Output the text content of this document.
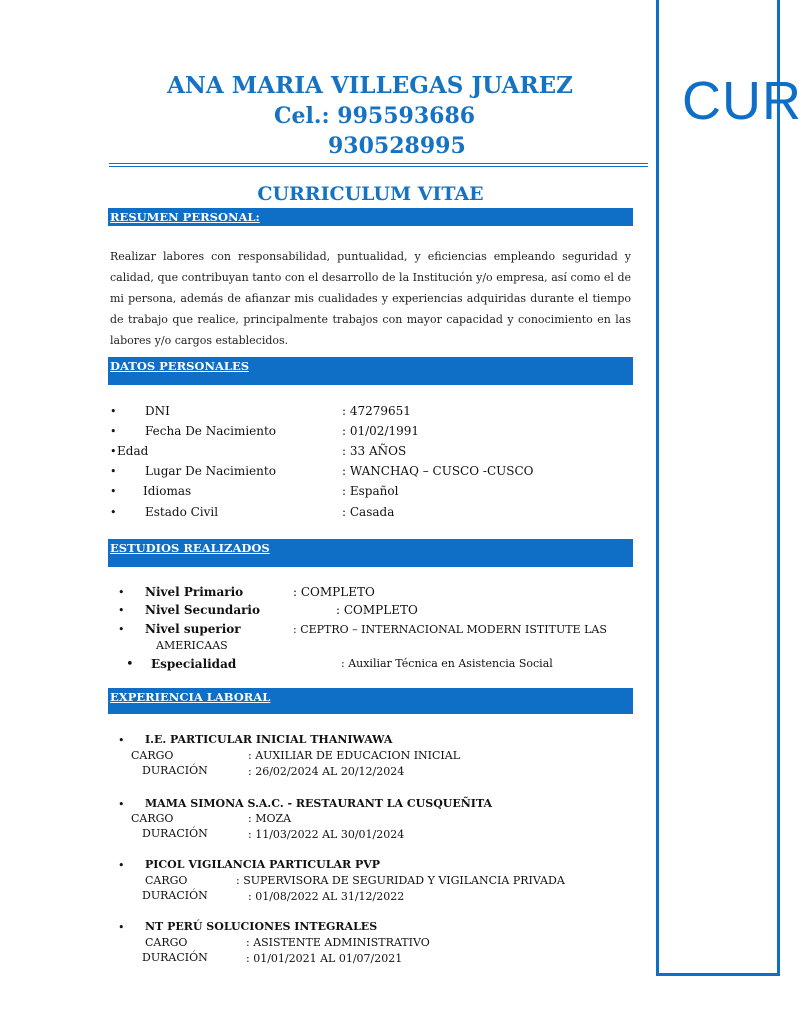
CUR
ANA MARIA VILLEGAS JUAREZ
Cel.: 995593686
930528995
CURRICULUM VITAE
RESUMEN PERSONAL:
Realizar labores con responsabilidad, puntualidad, y eficiencias empleando seguridad y calidad, que contribuyan tanto con el desarrollo de la Institución y/o empresa, así como el de mi persona, además de afianzar mis cualidades y experiencias adquiridas durante el tiempo de trabajo que realice, principalmente trabajos con mayor capacidad y conocimiento en las labores y/o cargos establecidos.
DATOS PERSONALES
• DNI	: 47279651
• Fecha De Nacimiento	: 01/02/1991
• Edad	: 33 AÑOS
• Lugar De Nacimiento	: WANCHAQ – CUSCO -CUSCO
• Idiomas	: Español
• Estado Civil	: Casada
ESTUDIOS REALIZADOS
• Nivel Primario	: COMPLETO
• Nivel Secundario	: COMPLETO
• Nivel superior	: CEPTRO – INTERNACIONAL MODERN ISTITUTE LAS
AMERICAAS
• Especialidad	: Auxiliar Técnica en Asistencia Social
EXPERIENCIA LABORAL
• I.E. PARTICULAR INICIAL THANIWAWA
CARGO	: AUXILIAR DE EDUCACION INICIAL
DURACIÓN	: 26/02/2024 AL 20/12/2024
• MAMA SIMONA S.A.C. - RESTAURANT LA CUSQUEÑITA
CARGO	: MOZA
DURACIÓN	: 11/03/2022 AL 30/01/2024
• PICOL VIGILANCIA PARTICULAR PVP
CARGO	: SUPERVISORA DE SEGURIDAD Y VIGILANCIA PRIVADA
DURACIÓN	: 01/08/2022 AL 31/12/2022
• NT PERÚ SOLUCIONES INTEGRALES
CARGO	: ASISTENTE ADMINISTRATIVO
DURACIÓN	: 01/01/2021 AL 01/07/2021
